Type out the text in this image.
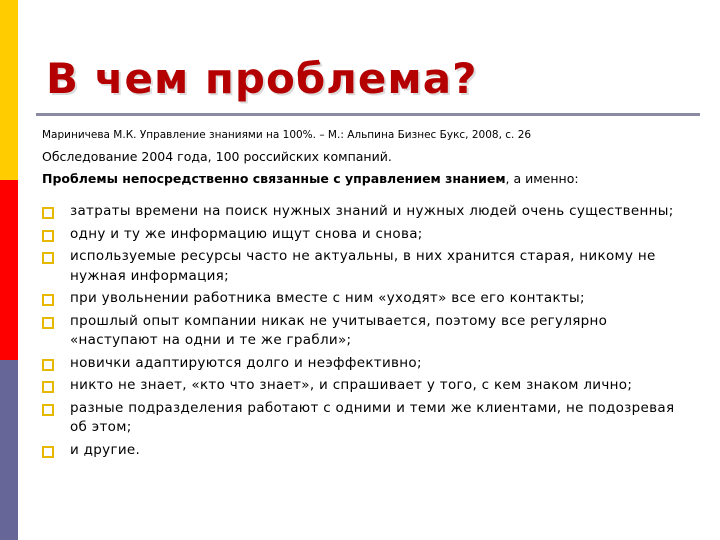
В чем проблема?

Мариничева М.К. Управление знаниями на 100%. – М.: Альпина Бизнес Букс, 2008, с. 26

Обследование 2004 года, 100 российских компаний.

Проблемы непосредственно связанные с управлением знанием, а именно:

затраты времени на поиск нужных знаний и нужных людей очень существенны;
одну и ту же информацию ищут снова и снова;
используемые ресурсы часто не актуальны, в них хранится старая, никому не нужная информация;
при увольнении работника вместе с ним «уходят» все его контакты;
прошлый опыт компании никак не учитывается, поэтому все регулярно «наступают на одни и те же грабли»;
новички адаптируются долго и неэффективно;
никто не знает, «кто что знает», и спрашивает у того, с кем знаком лично;
разные подразделения работают с одними и теми же клиентами, не подозревая об этом;
и другие.
